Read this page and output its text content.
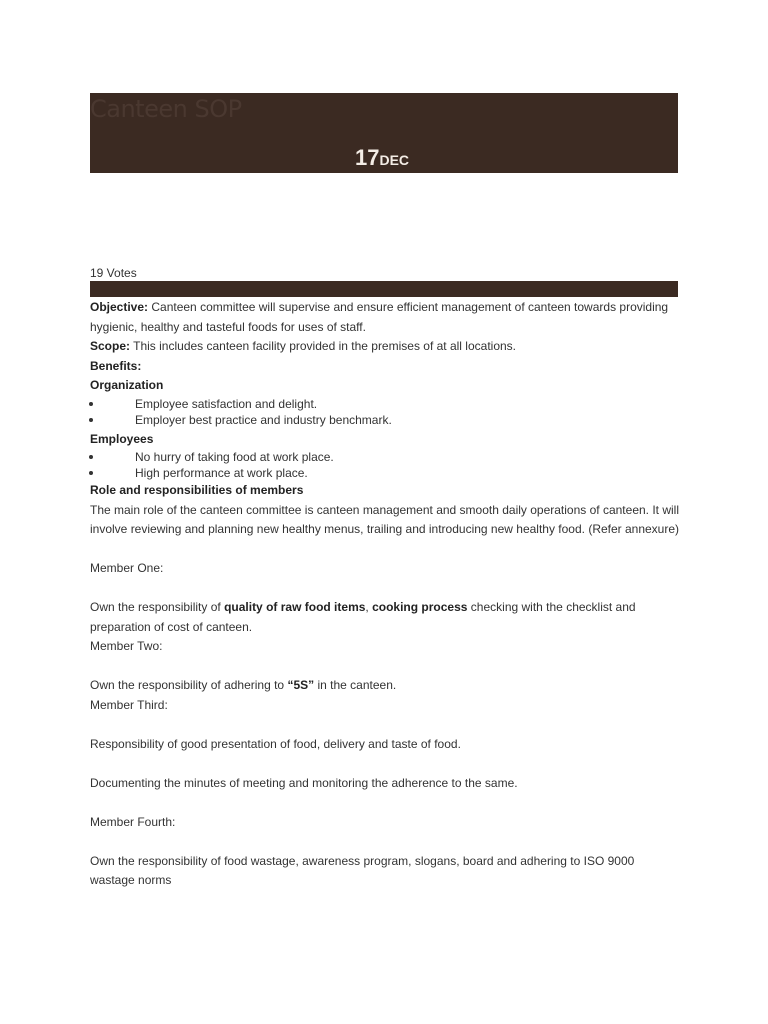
Canteen SOP
17DEC
19 Votes

Objective: Canteen committee will supervise and ensure efficient management of canteen towards providing hygienic, healthy and tasteful foods for uses of staff.

Scope: This includes canteen facility provided in the premises of at all locations.

Benefits:

Organization

Employee satisfaction and delight.
Employer best practice and industry benchmark.

Employees

No hurry of taking food at work place.
High performance at work place.

Role and responsibilities of members

The main role of the canteen committee is canteen management and smooth daily operations of canteen. It will involve reviewing and planning new healthy menus, trailing and introducing new healthy food. (Refer annexure)

Member One:

Own the responsibility of quality of raw food items, cooking process checking with the checklist and preparation of cost of canteen.

Member Two:

Own the responsibility of adhering to “5S” in the canteen.

Member Third:

Responsibility of good presentation of food, delivery and taste of food.

Documenting the minutes of meeting and monitoring the adherence to the same.

Member Fourth:

Own the responsibility of food wastage, awareness program, slogans, board and adhering to ISO 9000 wastage norms
